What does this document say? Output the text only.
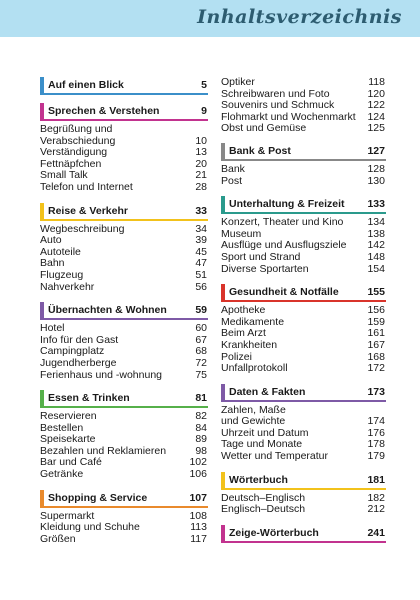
Inhaltsverzeichnis
Auf einen Blick	5
Sprechen & Verstehen	9
Begrüßung und
Verabschiedung	10
Verständigung	13
Fettnäpfchen	20
Small Talk	21
Telefon und Internet	28
Reise & Verkehr	33
Wegbeschreibung	34
Auto	39
Autoteile	45
Bahn	47
Flugzeug	51
Nahverkehr	56
Übernachten & Wohnen	59
Hotel	60
Info für den Gast	67
Campingplatz	68
Jugendherberge	72
Ferienhaus und -wohnung	75
Essen & Trinken	81
Reservieren	82
Bestellen	84
Speisekarte	89
Bezahlen und Reklamieren	98
Bar und Café	102
Getränke	106
Shopping & Service	107
Supermarkt	108
Kleidung und Schuhe	113
Größen	117
Optiker	118
Schreibwaren und Foto	120
Souvenirs und Schmuck	122
Flohmarkt und Wochenmarkt 124
Obst und Gemüse	125
Bank & Post	127
Bank	128
Post	130
Unterhaltung & Freizeit 133
Konzert, Theater und Kino 134
Museum	138
Ausflüge und Ausflugsziele 142
Sport und Strand	148
Diverse Sportarten	154
Gesundheit & Notfälle	155
Apotheke	156
Medikamente	159
Beim Arzt	161
Krankheiten	167
Polizei	168
Unfallprotokoll	172
Daten & Fakten	173
Zahlen, Maße
und Gewichte	174
Uhrzeit und Datum	176
Tage und Monate	178
Wetter und Temperatur	179
Wörterbuch	181
Deutsch–Englisch	182
Englisch–Deutsch	212
Zeige-Wörterbuch	241
